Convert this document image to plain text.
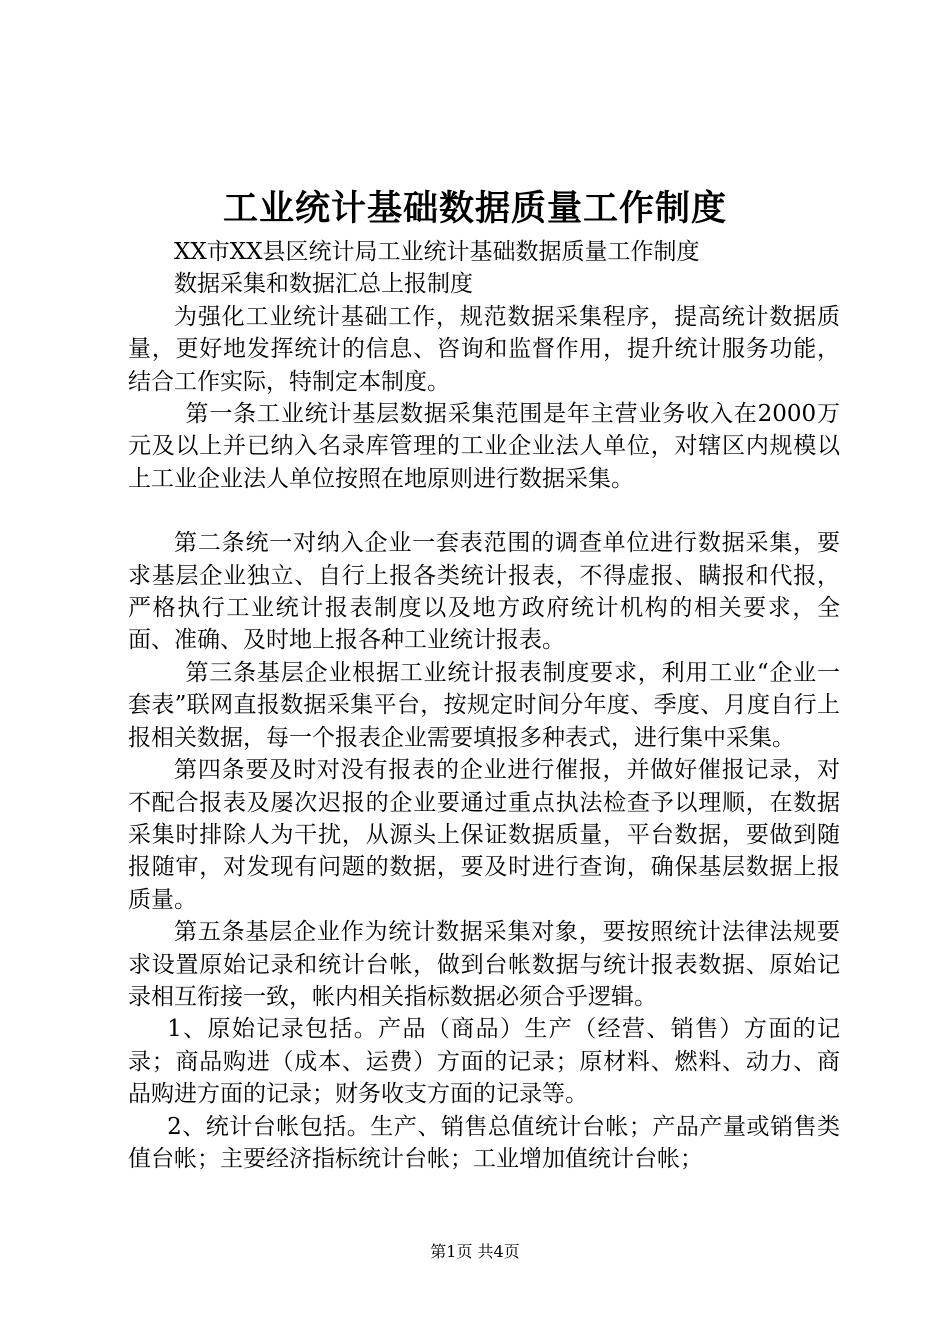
工业统计基础数据质量工作制度

XX市XX县区统计局工业统计基础数据质量工作制度

数据采集和数据汇总上报制度

为强化工业统计基础工作，规范数据采集程序，提高统计数据质量，更好地发挥统计的信息、咨询和监督作用，提升统计服务功能，结合工作实际，特制定本制度。

第一条工业统计基层数据采集范围是年主营业务收入在2000万元及以上并已纳入名录库管理的工业企业法人单位，对辖区内规模以上工业企业法人单位按照在地原则进行数据采集。

第二条统一对纳入企业一套表范围的调查单位进行数据采集，要求基层企业独立、自行上报各类统计报表，不得虚报、瞒报和代报，严格执行工业统计报表制度以及地方政府统计机构的相关要求，全面、准确、及时地上报各种工业统计报表。

第三条基层企业根据工业统计报表制度要求，利用工业“企业一套表”联网直报数据采集平台，按规定时间分年度、季度、月度自行上报相关数据，每一个报表企业需要填报多种表式，进行集中采集。

第四条要及时对没有报表的企业进行催报，并做好催报记录，对不配合报表及屡次迟报的企业要通过重点执法检查予以理顺，在数据采集时排除人为干扰，从源头上保证数据质量，平台数据，要做到随报随审，对发现有问题的数据，要及时进行查询，确保基层数据上报质量。

第五条基层企业作为统计数据采集对象，要按照统计法律法规要求设置原始记录和统计台帐，做到台帐数据与统计报表数据、原始记录相互衔接一致，帐内相关指标数据必须合乎逻辑。

1、原始记录包括。产品（商品）生产（经营、销售）方面的记录；商品购进（成本、运费）方面的记录；原材料、燃料、动力、商品购进方面的记录；财务收支方面的记录等。

2、统计台帐包括。生产、销售总值统计台帐；产品产量或销售类值台帐；主要经济指标统计台帐；工业增加值统计台帐；

第1页 共4页
